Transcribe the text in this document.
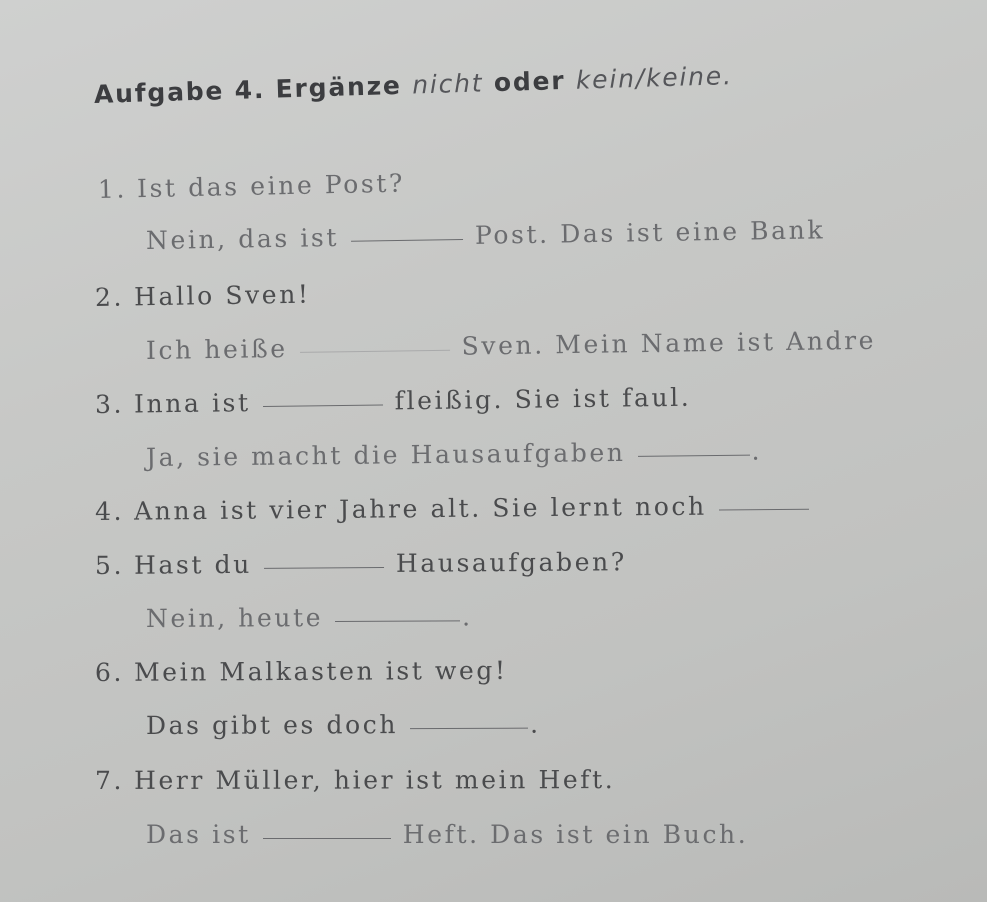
Aufgabe 4. Ergänze nicht oder kein/keine.
1. Ist das eine Post?
Nein, das ist	Post. Das ist eine Bank
2. Hallo Sven!
Ich heiße	Sven. Mein Name ist Andre
3. Inna ist	fleißig. Sie ist faul.
Ja, sie macht die Hausaufgaben	.
4. Anna ist vier Jahre alt. Sie lernt noch
5. Hast du	Hausaufgaben?
Nein, heute	.
6. Mein Malkasten ist weg!
Das gibt es doch	.
7. Herr Müller, hier ist mein Heft.
Das ist	Heft. Das ist ein Buch.
